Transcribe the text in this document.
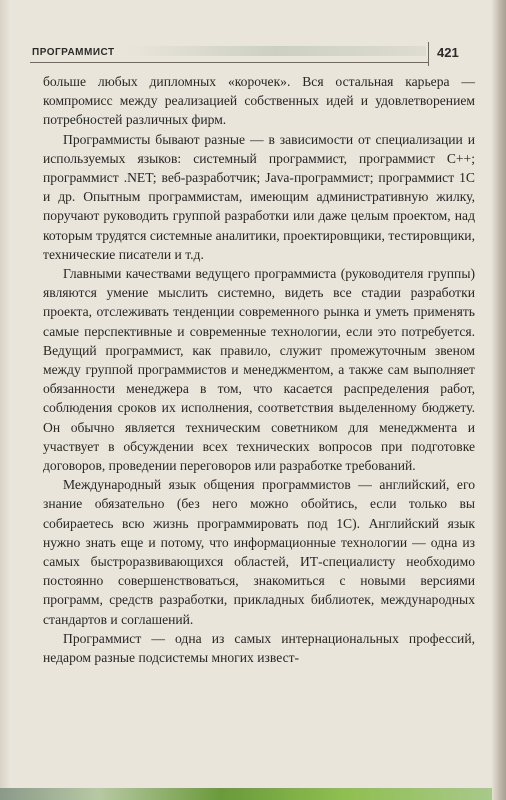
ПРОГРАММИСТ	421

больше любых дипломных «корочек». Вся остальная карьера — компромисс между реализацией собственных идей и удовлетворением потребностей различных фирм.

Программисты бывают разные — в зависимости от специализации и используемых языков: системный программист, программист C++; программист .NET; веб-разработчик; Java-программист; программист 1С и др. Опытным программистам, имеющим административную жилку, поручают руководить группой разработки или даже целым проектом, над которым трудятся системные аналитики, проектировщики, тестировщики, технические писатели и т.д.

Главными качествами ведущего программиста (руководителя группы) являются умение мыслить системно, видеть все стадии разработки проекта, отслеживать тенденции современного рынка и уметь применять самые перспективные и современные технологии, если это потребуется. Ведущий программист, как правило, служит промежуточным звеном между группой программистов и менеджментом, а также сам выполняет обязанности менеджера в том, что касается распределения работ, соблюдения сроков их исполнения, соответствия выделенному бюджету. Он обычно является техническим советником для менеджмента и участвует в обсуждении всех технических вопросов при подготовке договоров, проведении переговоров или разработке требований.

Международный язык общения программистов — английский, его знание обязательно (без него можно обойтись, если только вы собираетесь всю жизнь программировать под 1С). Английский язык нужно знать еще и потому, что информационные технологии — одна из самых быстроразвивающихся областей, ИТ-специалисту необходимо постоянно совершенствоваться, знакомиться с новыми версиями программ, средств разработки, прикладных библиотек, международных стандартов и соглашений.

Программист — одна из самых интернациональных профессий, недаром разные подсистемы многих извест-
